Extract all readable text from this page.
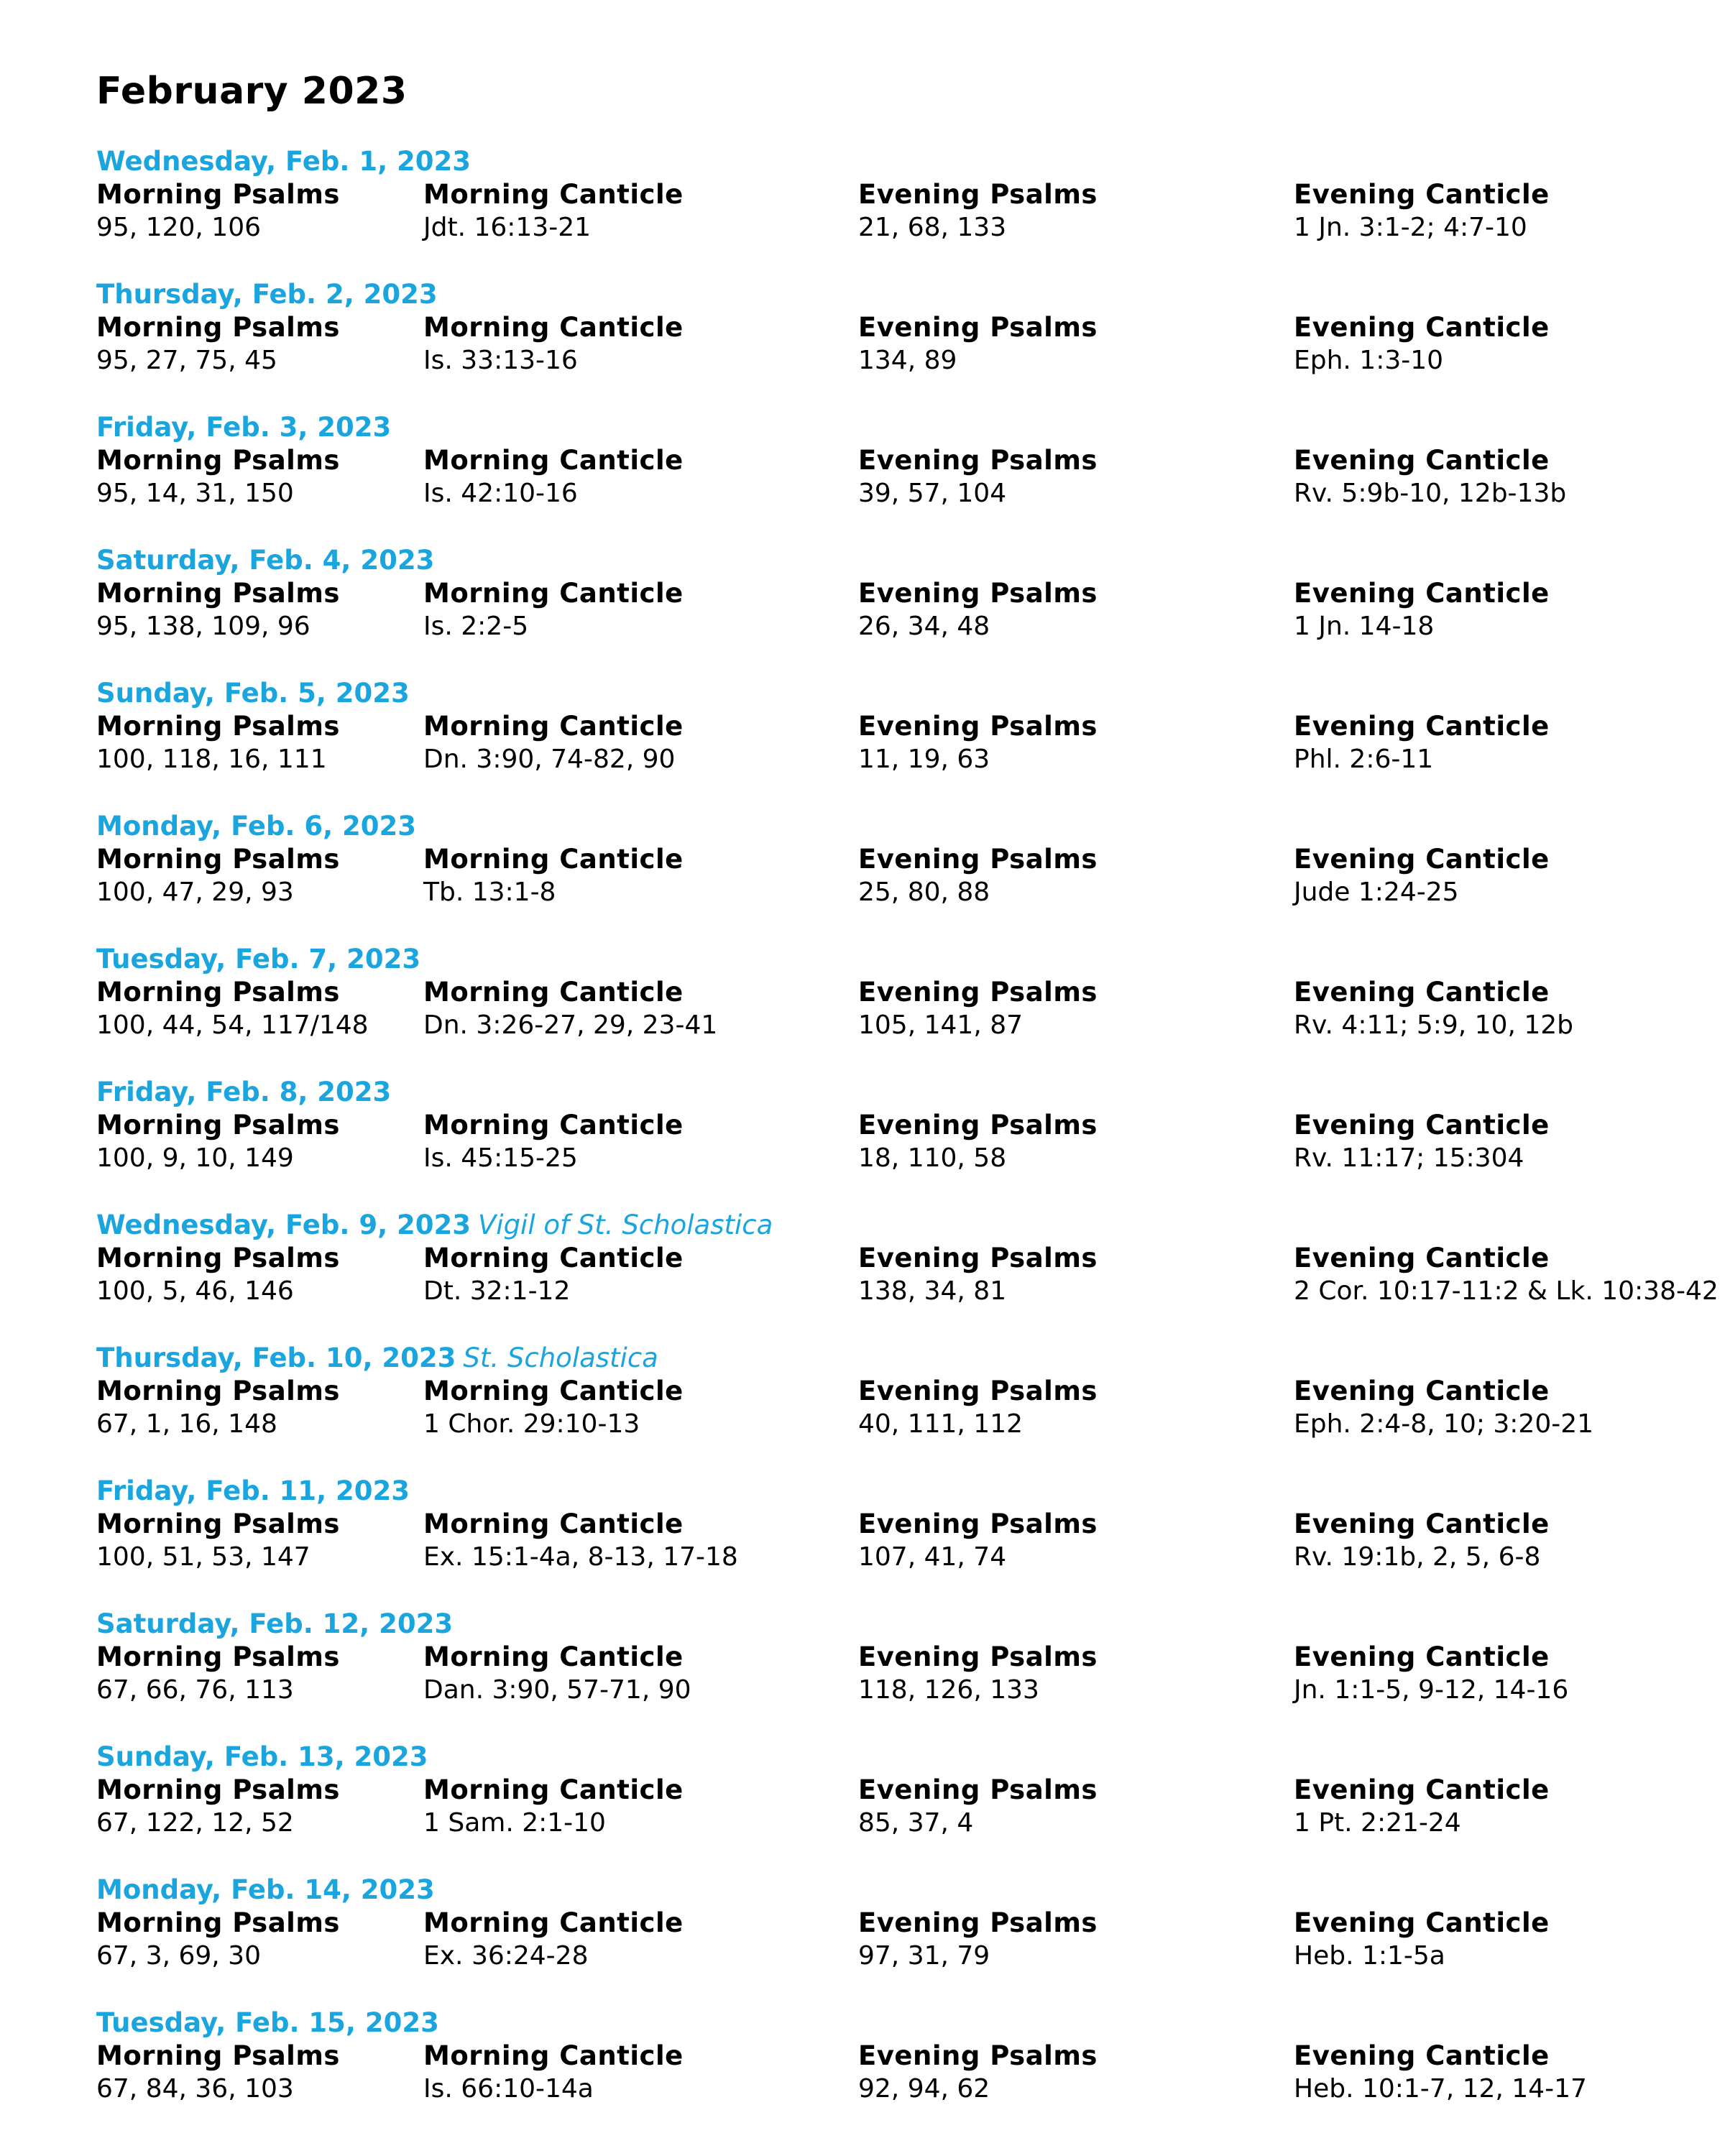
February 2023
Wednesday, Feb. 1, 2023
Morning Psalms
95, 120, 106
Morning Canticle
Jdt. 16:13-21
Evening Psalms
21, 68, 133
Evening Canticle
1 Jn. 3:1-2; 4:7-10
Thursday, Feb. 2, 2023
Morning Psalms
95, 27, 75, 45
Morning Canticle
Is. 33:13-16
Evening Psalms
134, 89
Evening Canticle
Eph. 1:3-10
Friday, Feb. 3, 2023
Morning Psalms
95, 14, 31, 150
Morning Canticle
Is. 42:10-16
Evening Psalms
39, 57, 104
Evening Canticle
Rv. 5:9b-10, 12b-13b
Saturday, Feb. 4, 2023
Morning Psalms
95, 138, 109, 96
Morning Canticle
Is. 2:2-5
Evening Psalms
26, 34, 48
Evening Canticle
1 Jn. 14-18
Sunday, Feb. 5, 2023
Morning Psalms
100, 118, 16, 111
Morning Canticle
Dn. 3:90, 74-82, 90
Evening Psalms
11, 19, 63
Evening Canticle
Phl. 2:6-11
Monday, Feb. 6, 2023
Morning Psalms
100, 47, 29, 93
Morning Canticle
Tb. 13:1-8
Evening Psalms
25, 80, 88
Evening Canticle
Jude 1:24-25
Tuesday, Feb. 7, 2023
Morning Psalms
100, 44, 54, 117/148
Morning Canticle
Dn. 3:26-27, 29, 23-41
Evening Psalms
105, 141, 87
Evening Canticle
Rv. 4:11; 5:9, 10, 12b
Friday, Feb. 8, 2023
Morning Psalms
100, 9, 10, 149
Morning Canticle
Is. 45:15-25
Evening Psalms
18, 110, 58
Evening Canticle
Rv. 11:17; 15:304
Wednesday, Feb. 9, 2023 Vigil of St. Scholastica
Morning Psalms
100, 5, 46, 146
Morning Canticle
Dt. 32:1-12
Evening Psalms
138, 34, 81
Evening Canticle
2 Cor. 10:17-11:2 & Lk. 10:38-42
Thursday, Feb. 10, 2023 St. Scholastica
Morning Psalms
67, 1, 16, 148
Morning Canticle
1 Chor. 29:10-13
Evening Psalms
40, 111, 112
Evening Canticle
Eph. 2:4-8, 10; 3:20-21
Friday, Feb. 11, 2023
Morning Psalms
100, 51, 53, 147
Morning Canticle
Ex. 15:1-4a, 8-13, 17-18
Evening Psalms
107, 41, 74
Evening Canticle
Rv. 19:1b, 2, 5, 6-8
Saturday, Feb. 12, 2023
Morning Psalms
67, 66, 76, 113
Morning Canticle
Dan. 3:90, 57-71, 90
Evening Psalms
118, 126, 133
Evening Canticle
Jn. 1:1-5, 9-12, 14-16
Sunday, Feb. 13, 2023
Morning Psalms
67, 122, 12, 52
Morning Canticle
1 Sam. 2:1-10
Evening Psalms
85, 37, 4
Evening Canticle
1 Pt. 2:21-24
Monday, Feb. 14, 2023
Morning Psalms
67, 3, 69, 30
Morning Canticle
Ex. 36:24-28
Evening Psalms
97, 31, 79
Evening Canticle
Heb. 1:1-5a
Tuesday, Feb. 15, 2023
Morning Psalms
67, 84, 36, 103
Morning Canticle
Is. 66:10-14a
Evening Psalms
92, 94, 62
Evening Canticle
Heb. 10:1-7, 12, 14-17
